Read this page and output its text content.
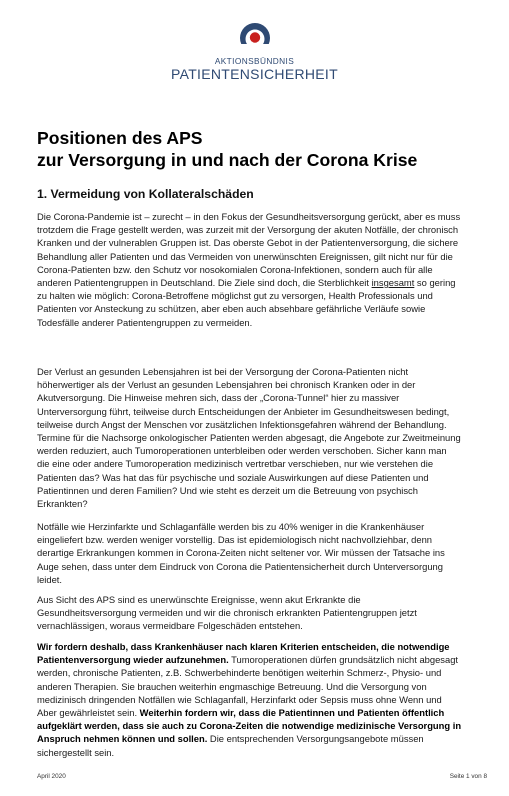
AKTIONSBÜNDNIS
PATIENTENSICHERHEIT
Positionen des APS
zur Versorgung in und nach der Corona Krise
1. Vermeidung von Kollateralschäden
Die Corona-Pandemie ist – zurecht – in den Fokus der Gesundheitsversorgung gerückt, aber es muss
trotzdem die Frage gestellt werden, was zurzeit mit der Versorgung der akuten Notfälle, der chronisch
Kranken und der vulnerablen Gruppen ist. Das oberste Gebot in der Patientenversorgung, die sichere
Behandlung aller Patienten und das Vermeiden von unerwünschten Ereignissen, gilt nicht nur für die
Corona-Patienten bzw. den Schutz vor nosokomialen Corona-Infektionen, sondern auch für alle
anderen Patientengruppen in Deutschland. Die Ziele sind doch, die Sterblichkeit insgesamt so gering
zu halten wie möglich: Corona-Betroffene möglichst gut zu versorgen, Health Professionals und
Patienten vor Ansteckung zu schützen, aber eben auch absehbare gefährliche Verläufe sowie
Todesfälle anderer Patientengruppen zu vermeiden.
Der Verlust an gesunden Lebensjahren ist bei der Versorgung der Corona-Patienten nicht
höherwertiger als der Verlust an gesunden Lebensjahren bei chronisch Kranken oder in der
Akutversorgung. Die Hinweise mehren sich, dass der „Corona-Tunnel“ hier zu massiver
Unterversorgung führt, teilweise durch Entscheidungen der Anbieter im Gesundheitswesen bedingt,
teilweise durch Angst der Menschen vor zusätzlichen Infektionsgefahren während der Behandlung.
Termine für die Nachsorge onkologischer Patienten werden abgesagt, die Angebote zur Zweitmeinung
werden reduziert, auch Tumoroperationen unterbleiben oder werden verschoben. Sicher kann man
die eine oder andere Tumoroperation medizinisch vertretbar verschieben, nur wie verstehen die
Patienten das? Was hat das für psychische und soziale Auswirkungen auf diese Patienten und
Patientinnen und deren Familien? Und wie steht es derzeit um die Betreuung von psychisch
Erkrankten?
Notfälle wie Herzinfarkte und Schlaganfälle werden bis zu 40% weniger in die Krankenhäuser
eingeliefert bzw. werden weniger vorstellig. Das ist epidemiologisch nicht nachvollziehbar, denn
derartige Erkrankungen kommen in Corona-Zeiten nicht seltener vor. Wir müssen der Tatsache ins
Auge sehen, dass unter dem Eindruck von Corona die Patientensicherheit durch Unterversorgung
leidet.
Aus Sicht des APS sind es unerwünschte Ereignisse, wenn akut Erkrankte die
Gesundheitsversorgung vermeiden und wir die chronisch erkrankten Patientengruppen jetzt
vernachlässigen, woraus vermeidbare Folgeschäden entstehen.
Wir fordern deshalb, dass Krankenhäuser nach klaren Kriterien entscheiden, die notwendige
Patientenversorgung wieder aufzunehmen. Tumoroperationen dürfen grundsätzlich nicht abgesagt
werden, chronische Patienten, z.B. Schwerbehinderte benötigen weiterhin Schmerz-, Physio- und
anderen Therapien. Sie brauchen weiterhin engmaschige Betreuung. Und die Versorgung von
medizinisch dringenden Notfällen wie Schlaganfall, Herzinfarkt oder Sepsis muss ohne Wenn und
Aber gewährleistet sein. Weiterhin fordern wir, dass die Patientinnen und Patienten öffentlich
aufgeklärt werden, dass sie auch zu Corona-Zeiten die notwendige medizinische Versorgung in
Anspruch nehmen können und sollen. Die entsprechenden Versorgungsangebote müssen
sichergestellt sein.
April 2020	Seite 1 von 8
